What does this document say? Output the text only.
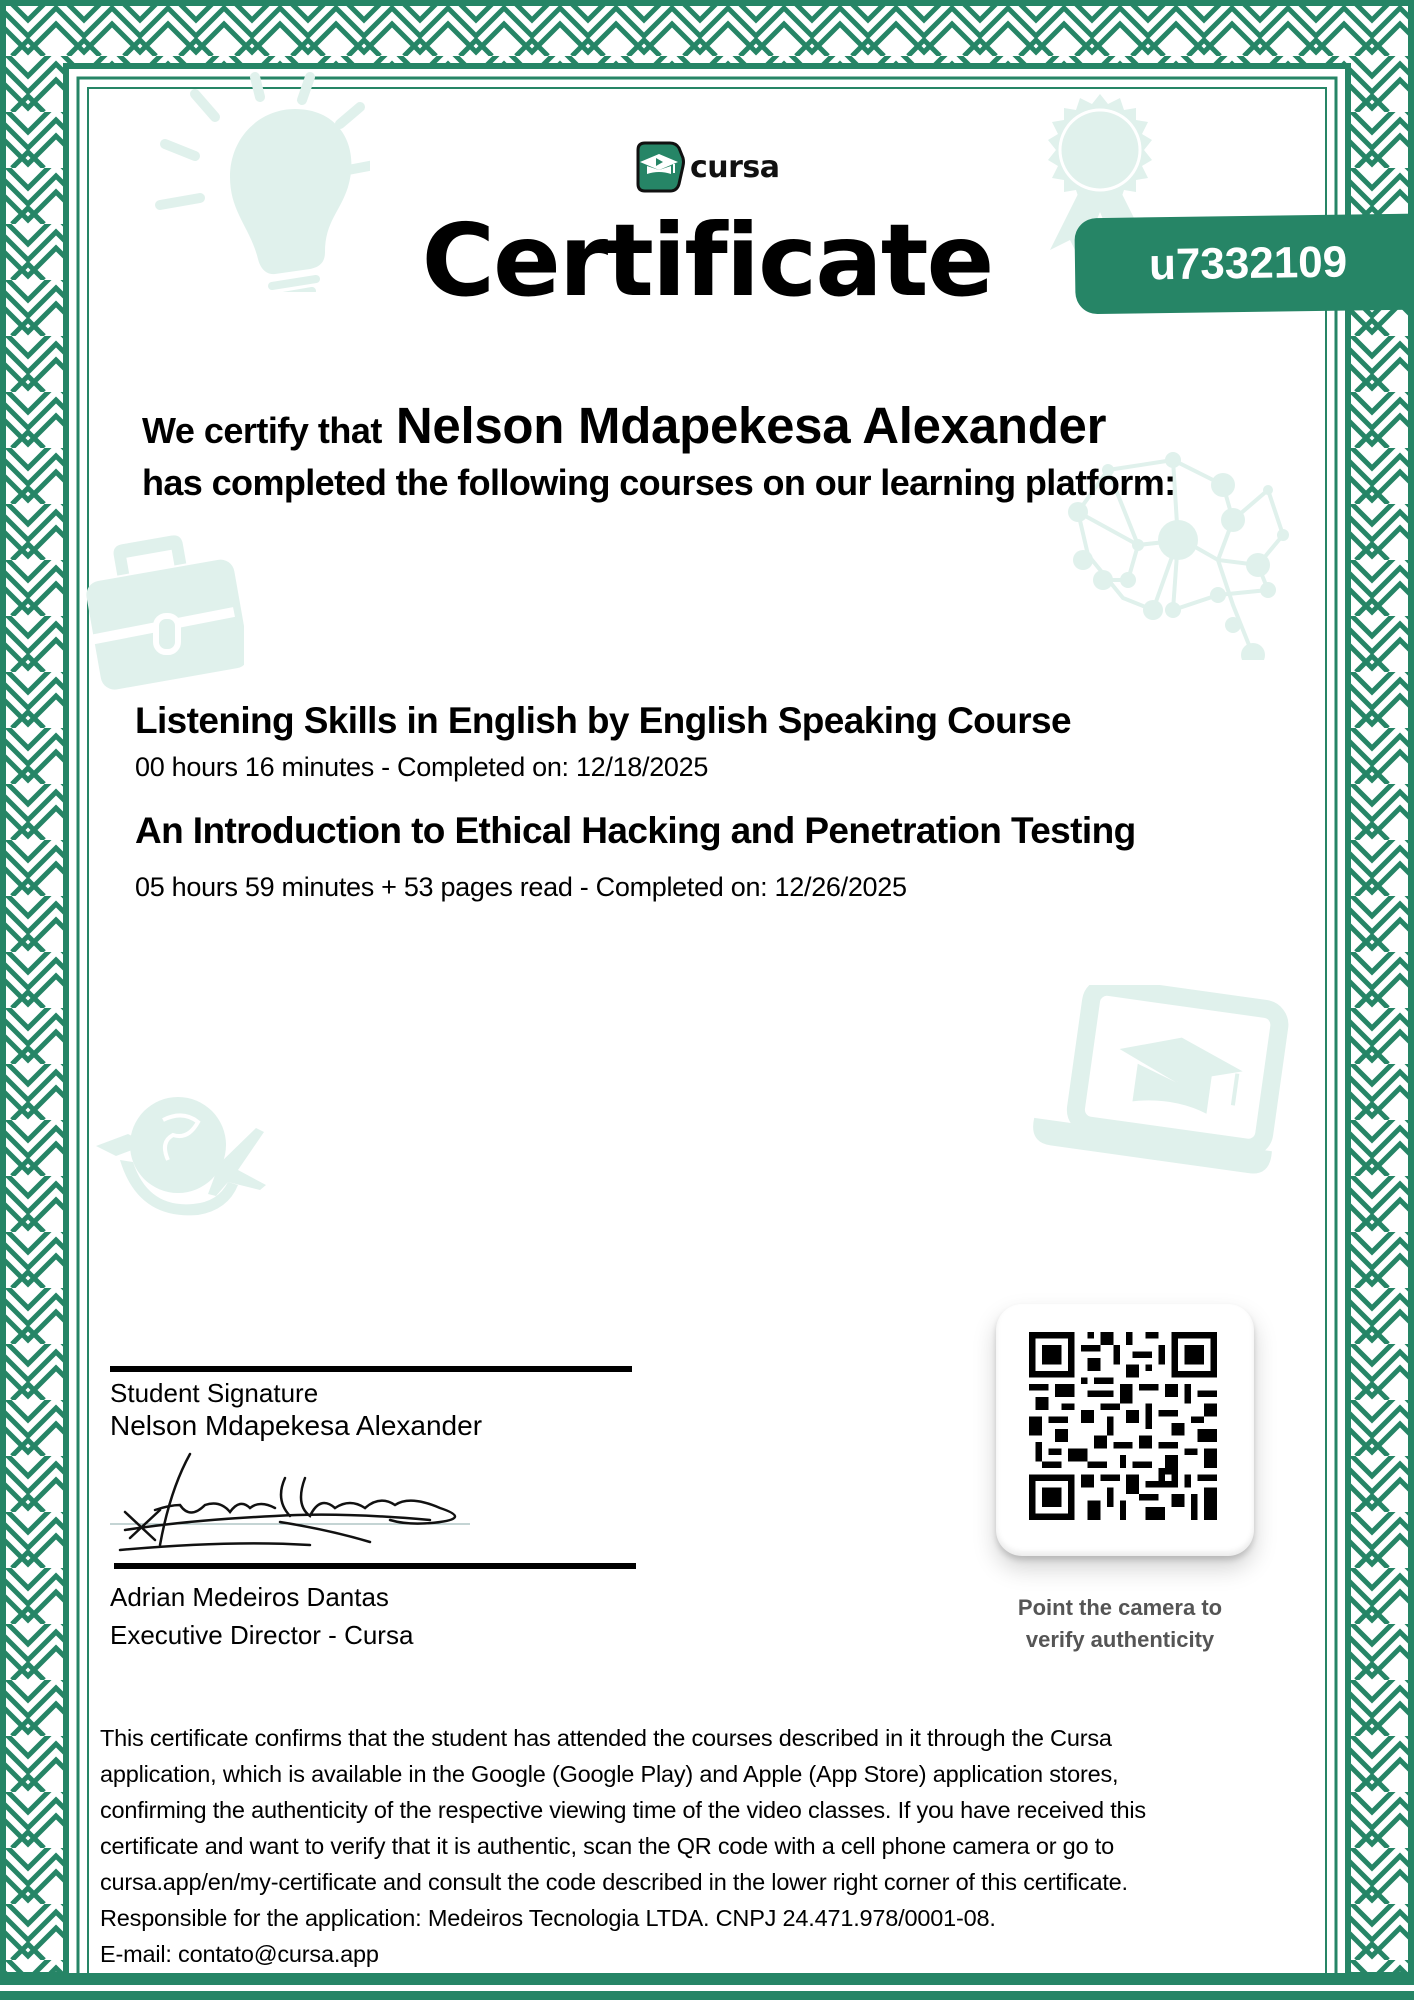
cursa
Certificate	u7332109
We certify that Nelson Mdapekesa Alexander
has completed the following courses on our learning platform:
Listening Skills in English by English Speaking Course
00 hours 16 minutes - Completed on: 12/18/2025
An Introduction to Ethical Hacking and Penetration Testing
05 hours 59 minutes + 53 pages read - Completed on: 12/26/2025
Student Signature
Nelson Mdapekesa Alexander
Adrian Medeiros Dantas
Executive Director - Cursa
Point the camera to
verify authenticity

This certificate confirms that the student has attended the courses described in it through the Cursa

application, which is available in the Google (Google Play) and Apple (App Store) application stores,

confirming the authenticity of the respective viewing time of the video classes. If you have received this

certificate and want to verify that it is authentic, scan the QR code with a cell phone camera or go to

cursa.app/en/my-certificate and consult the code described in the lower right corner of this certificate.

Responsible for the application: Medeiros Tecnologia LTDA. CNPJ 24.471.978/0001-08.

E-mail: contato@cursa.app
